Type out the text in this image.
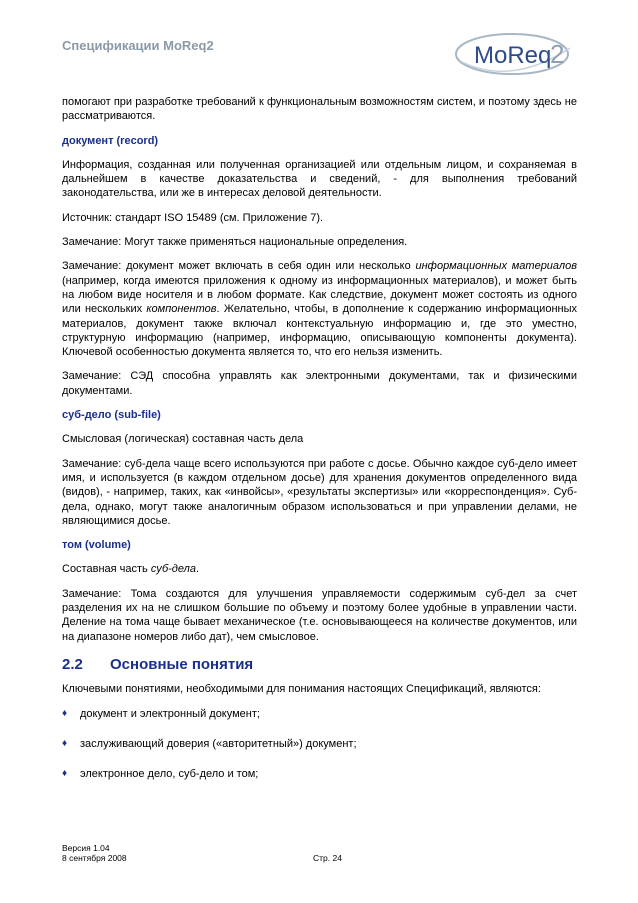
Спецификации MoReq2	MoReq
2

помогают при разработке требований к функциональным возможностям систем, и поэтому здесь не рассматриваются.

документ (record)

Информация, созданная или полученная организацией или отдельным лицом, и сохраняемая в дальнейшем в качестве доказательства и сведений, - для выполнения требований законодательства, или же в интересах деловой деятельности.

Источник: стандарт ISO 15489 (см. Приложение 7).

Замечание: Могут также применяться национальные определения.

Замечание: документ может включать в себя один или несколько информационных материалов (например, когда имеются приложения к одному из информационных материалов), и может быть на любом виде носителя и в любом формате. Как следствие, документ может состоять из одного или нескольких компонентов. Желательно, чтобы, в дополнение к содержанию информационных материалов, документ также включал контекстуальную информацию и, где это уместно, структурную информацию (например, информацию, описывающую компоненты документа). Ключевой особенностью документа является то, что его нельзя изменить.

Замечание: СЭД способна управлять как электронными документами, так и физическими документами.

суб-дело (sub-file)

Смысловая (логическая) составная часть дела

Замечание: суб-дела чаще всего используются при работе с досье. Обычно каждое суб-дело имеет имя, и используется (в каждом отдельном досье) для хранения документов определенного вида (видов), - например, таких, как «инвойсы», «результаты экспертизы» или «корреспонденция». Суб-дела, однако, могут также аналогичным образом использоваться и при управлении делами, не являющимися досье.

том (volume)

Составная часть суб-дела.

Замечание: Тома создаются для улучшения управляемости содержимым суб-дел за счет разделения их на не слишком большие по объему и поэтому более удобные в управлении части. Деление на тома чаще бывает механическое (т.е. основывающееся на количестве документов, или на диапазоне номеров либо дат), чем смысловое.

2.2	Основные понятия

Ключевыми понятиями, необходимыми для понимания настоящих Спецификаций, являются:

♦	документ и электронный документ;
♦	заслуживающий доверия («авторитетный») документ;
♦	электронное дело, суб-дело и том;
Версия 1.04
8 сентября 2008	Стр. 24
